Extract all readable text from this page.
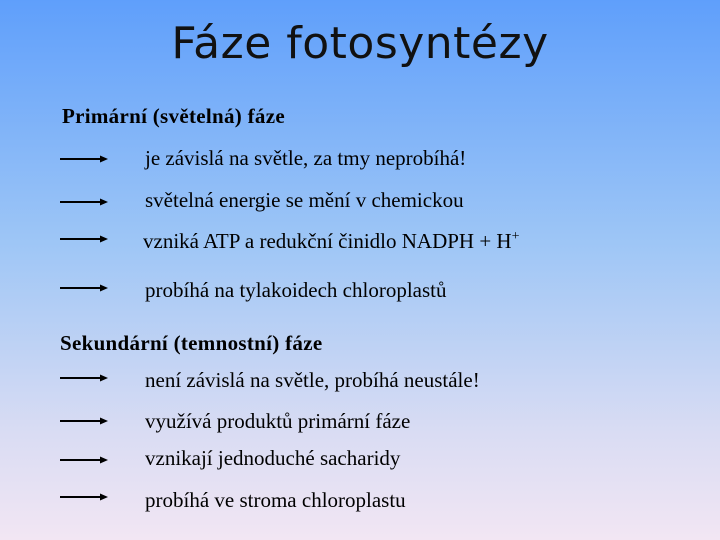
Fáze fotosyntézy
Primární (světelná) fáze
je závislá na světle, za tmy neprobíhá!
světelná energie se mění v chemickou
vzniká ATP a redukční činidlo NADPH + H+
probíhá na tylakoidech chloroplastů
Sekundární (temnostní) fáze
není závislá na světle, probíhá neustále!
využívá produktů primární fáze
vznikají jednoduché sacharidy
probíhá ve stroma chloroplastu
